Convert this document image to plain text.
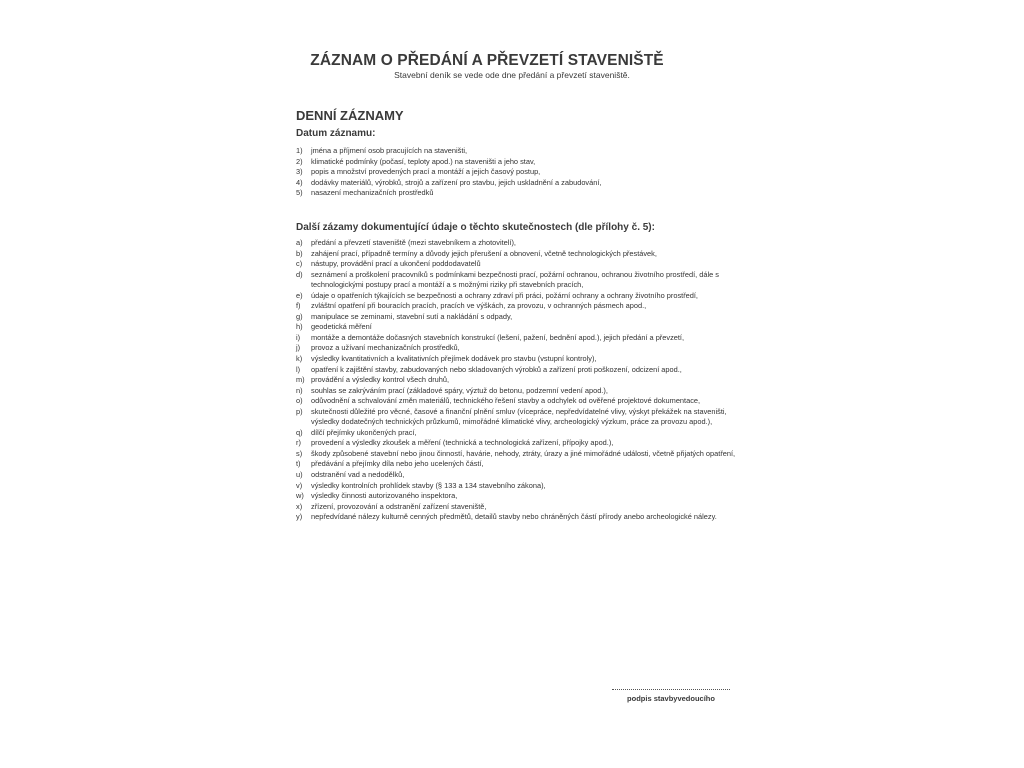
ZÁZNAM O PŘEDÁNÍ A PŘEVZETÍ STAVENIŠTĚ
Stavební deník se vede ode dne předání a převzetí staveniště.
DENNÍ ZÁZNAMY
Datum záznamu:
1)	jména a příjmení osob pracujících na staveništi,
2)	klimatické podmínky (počasí, teploty apod.) na staveništi a jeho stav,
3)	popis a množství provedených prací a montáží a jejich časový postup,
4)	dodávky materiálů, výrobků, strojů a zařízení pro stavbu, jejich uskladnění a zabudování,
5)	nasazení mechanizačních prostředků
Další zázamy dokumentující údaje o těchto skutečnostech (dle přílohy č. 5):
a)	předání a převzetí staveniště (mezi stavebníkem a zhotovitelí),
b)	zahájení prací, případně termíny a důvody jejich přerušení a obnovení, včetně technologických přestávek,
c)	nástupy, provádění prací a ukončení poddodavatelů
d)	seznámení a proškolení pracovníků s podmínkami bezpečnosti prací, požární ochranou, ochranou životního prostředí, dále s technologickými postupy prací a montáží a s možnými riziky při stavebních pracích,
e)	údaje o opatřeních týkajících se bezpečnosti a ochrany zdraví při práci, požární ochrany a ochrany životního prostředí,
f)	zvláštní opatření při bouracích pracích, pracích ve výškách, za provozu, v ochranných pásmech apod.,
g)	manipulace se zeminami, stavební sutí a nakládání s odpady,
h)	geodetická měření
i)	montáže a demontáže dočasných stavebních konstrukcí (lešení, pažení, bednění apod.), jejich předání a převzetí,
j)	provoz a užívaní mechanizačních prostředků,
k)	výsledky kvantitativních a kvalitativních přejímek dodávek pro stavbu (vstupní kontroly),
l)	opatření k zajištění stavby, zabudovaných nebo skladovaných výrobků a zařízení proti poškození, odcizení apod.,
m) provádění a výsledky kontrol všech druhů,
n)	souhlas se zakrýváním prací (základové spáry, výztuž do betonu, podzemní vedení apod.),
o)	odůvodnění a schvalování změn materiálů, technického řešení stavby a odchylek od ověřené projektové dokumentace,
p)	skutečnosti důležité pro věcné, časové a finanční plnění smluv (vícepráce, nepředvídatelné vlivy, výskyt překážek na staveništi, výsledky dodatečných technických průzkumů, mimořádné klimatické vlivy, archeologický výzkum, práce za provozu apod.),
q)	dílčí přejímky ukončených prací,
r)	provedení a výsledky zkoušek a měření (technická a technologická zařízení, přípojky apod.),
s)	škody způsobené stavební nebo jinou činností, havárie, nehody, ztráty, úrazy a jiné mimořádné události, včetně přijatých opatření,
t)	předávání a přejímky díla nebo jeho ucelených částí,
u)	odstranění vad a nedodělků,
v)	výsledky kontrolních prohlídek stavby (§ 133 a 134 stavebního zákona),
w) výsledky činnosti autorizovaného inspektora,
x)	zřízení, provozování a odstranění zařízení staveniště,
y)	nepředvídané nálezy kulturně cenných předmětů, detailů stavby nebo chráněných částí přírody anebo archeologické nálezy.
podpis stavbyvedoucího
